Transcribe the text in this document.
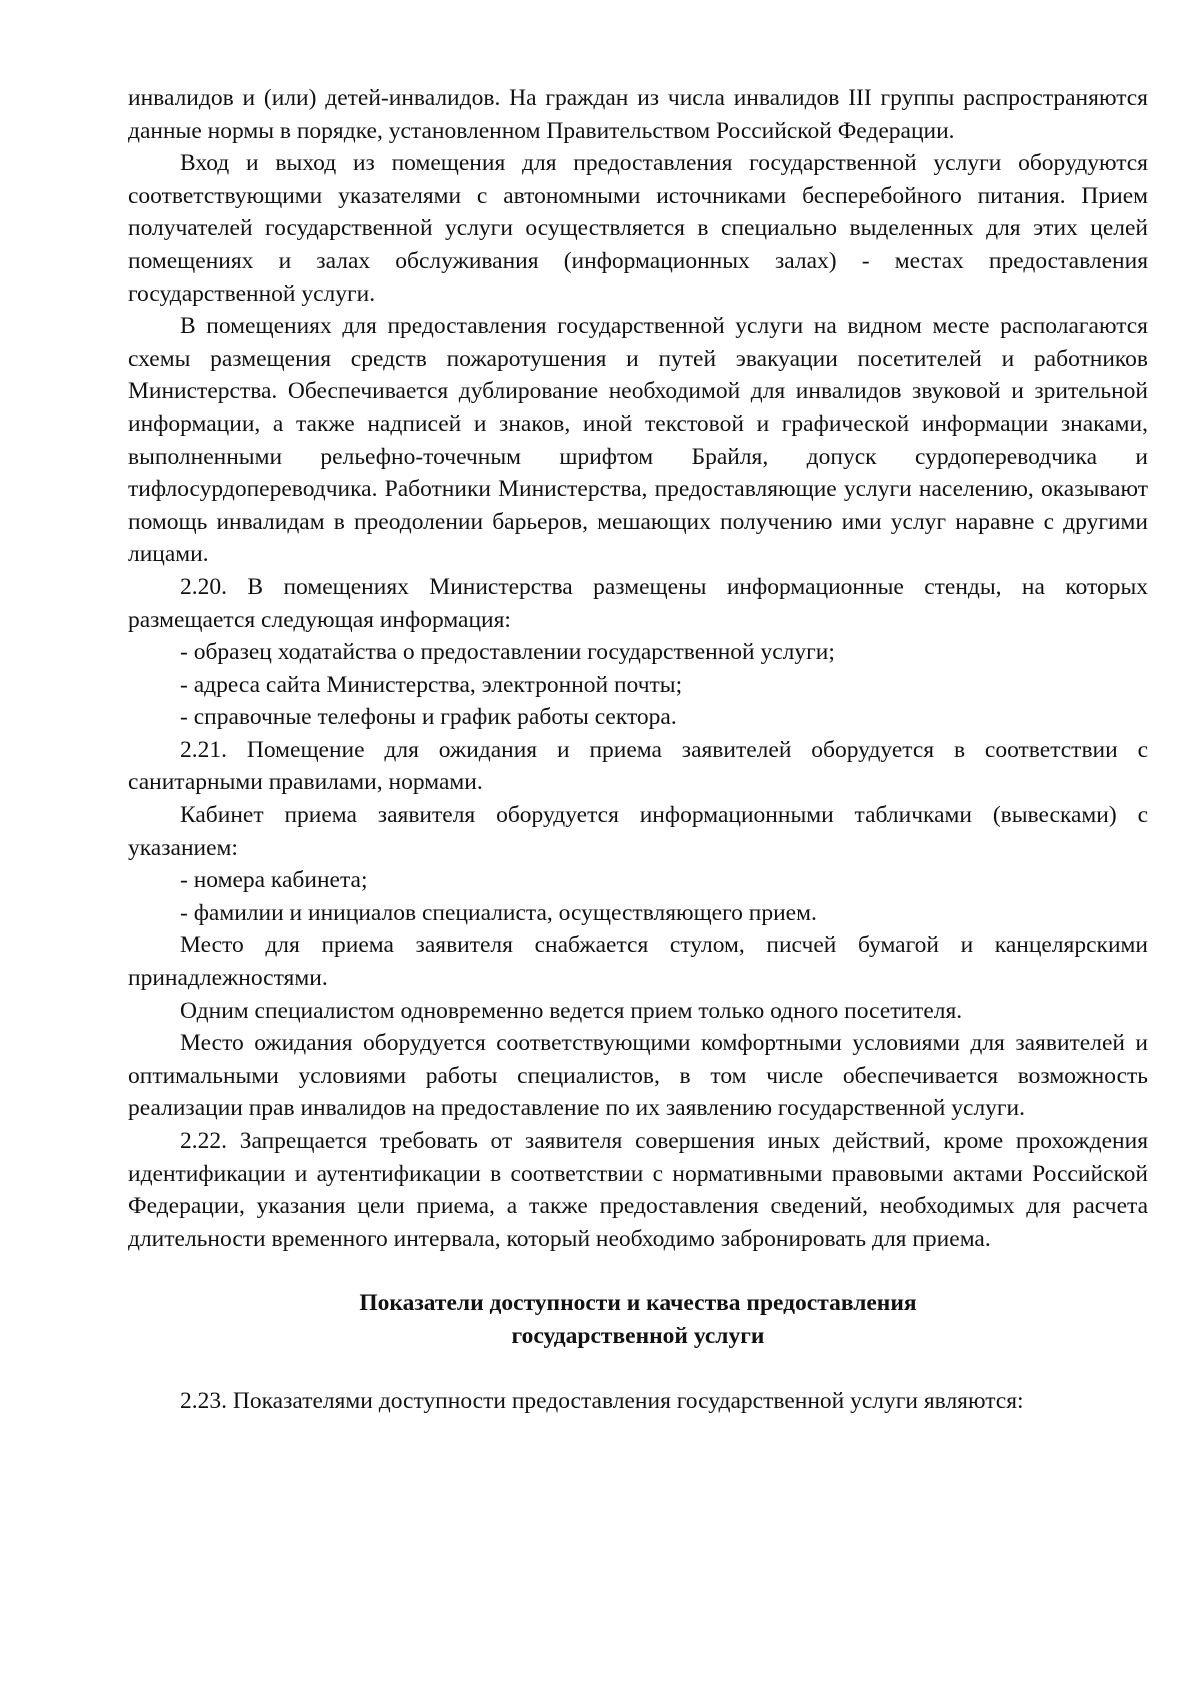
инвалидов и (или) детей-инвалидов. На граждан из числа инвалидов III группы распространяются данные нормы в порядке, установленном Правительством Российской Федерации.

Вход и выход из помещения для предоставления государственной услуги оборудуются соответствующими указателями с автономными источниками бесперебойного питания. Прием получателей государственной услуги осуществляется в специально выделенных для этих целей помещениях и залах обслуживания (информационных залах) - местах предоставления государственной услуги.

В помещениях для предоставления государственной услуги на видном месте располагаются схемы размещения средств пожаротушения и путей эвакуации посетителей и работников Министерства. Обеспечивается дублирование необходимой для инвалидов звуковой и зрительной информации, а также надписей и знаков, иной текстовой и графической информации знаками, выполненными рельефно-точечным шрифтом Брайля, допуск сурдопереводчика и тифлосурдопереводчика. Работники Министерства, предоставляющие услуги населению, оказывают помощь инвалидам в преодолении барьеров, мешающих получению ими услуг наравне с другими лицами.

2.20. В помещениях Министерства размещены информационные стенды, на которых размещается следующая информация:

- образец ходатайства о предоставлении государственной услуги;

- адреса сайта Министерства, электронной почты;

- справочные телефоны и график работы сектора.

2.21. Помещение для ожидания и приема заявителей оборудуется в соответствии с санитарными правилами, нормами.

Кабинет приема заявителя оборудуется информационными табличками (вывесками) с указанием:

- номера кабинета;

- фамилии и инициалов специалиста, осуществляющего прием.

Место для приема заявителя снабжается стулом, писчей бумагой и канцелярскими принадлежностями.

Одним специалистом одновременно ведется прием только одного посетителя.

Место ожидания оборудуется соответствующими комфортными условиями для заявителей и оптимальными условиями работы специалистов, в том числе обеспечивается возможность реализации прав инвалидов на предоставление по их заявлению государственной услуги.

2.22. Запрещается требовать от заявителя совершения иных действий, кроме прохождения идентификации и аутентификации в соответствии с нормативными правовыми актами Российской Федерации, указания цели приема, а также предоставления сведений, необходимых для расчета длительности временного интервала, который необходимо забронировать для приема.

Показатели доступности и качества предоставления
государственной услуги

2.23. Показателями доступности предоставления государственной услуги являются:
